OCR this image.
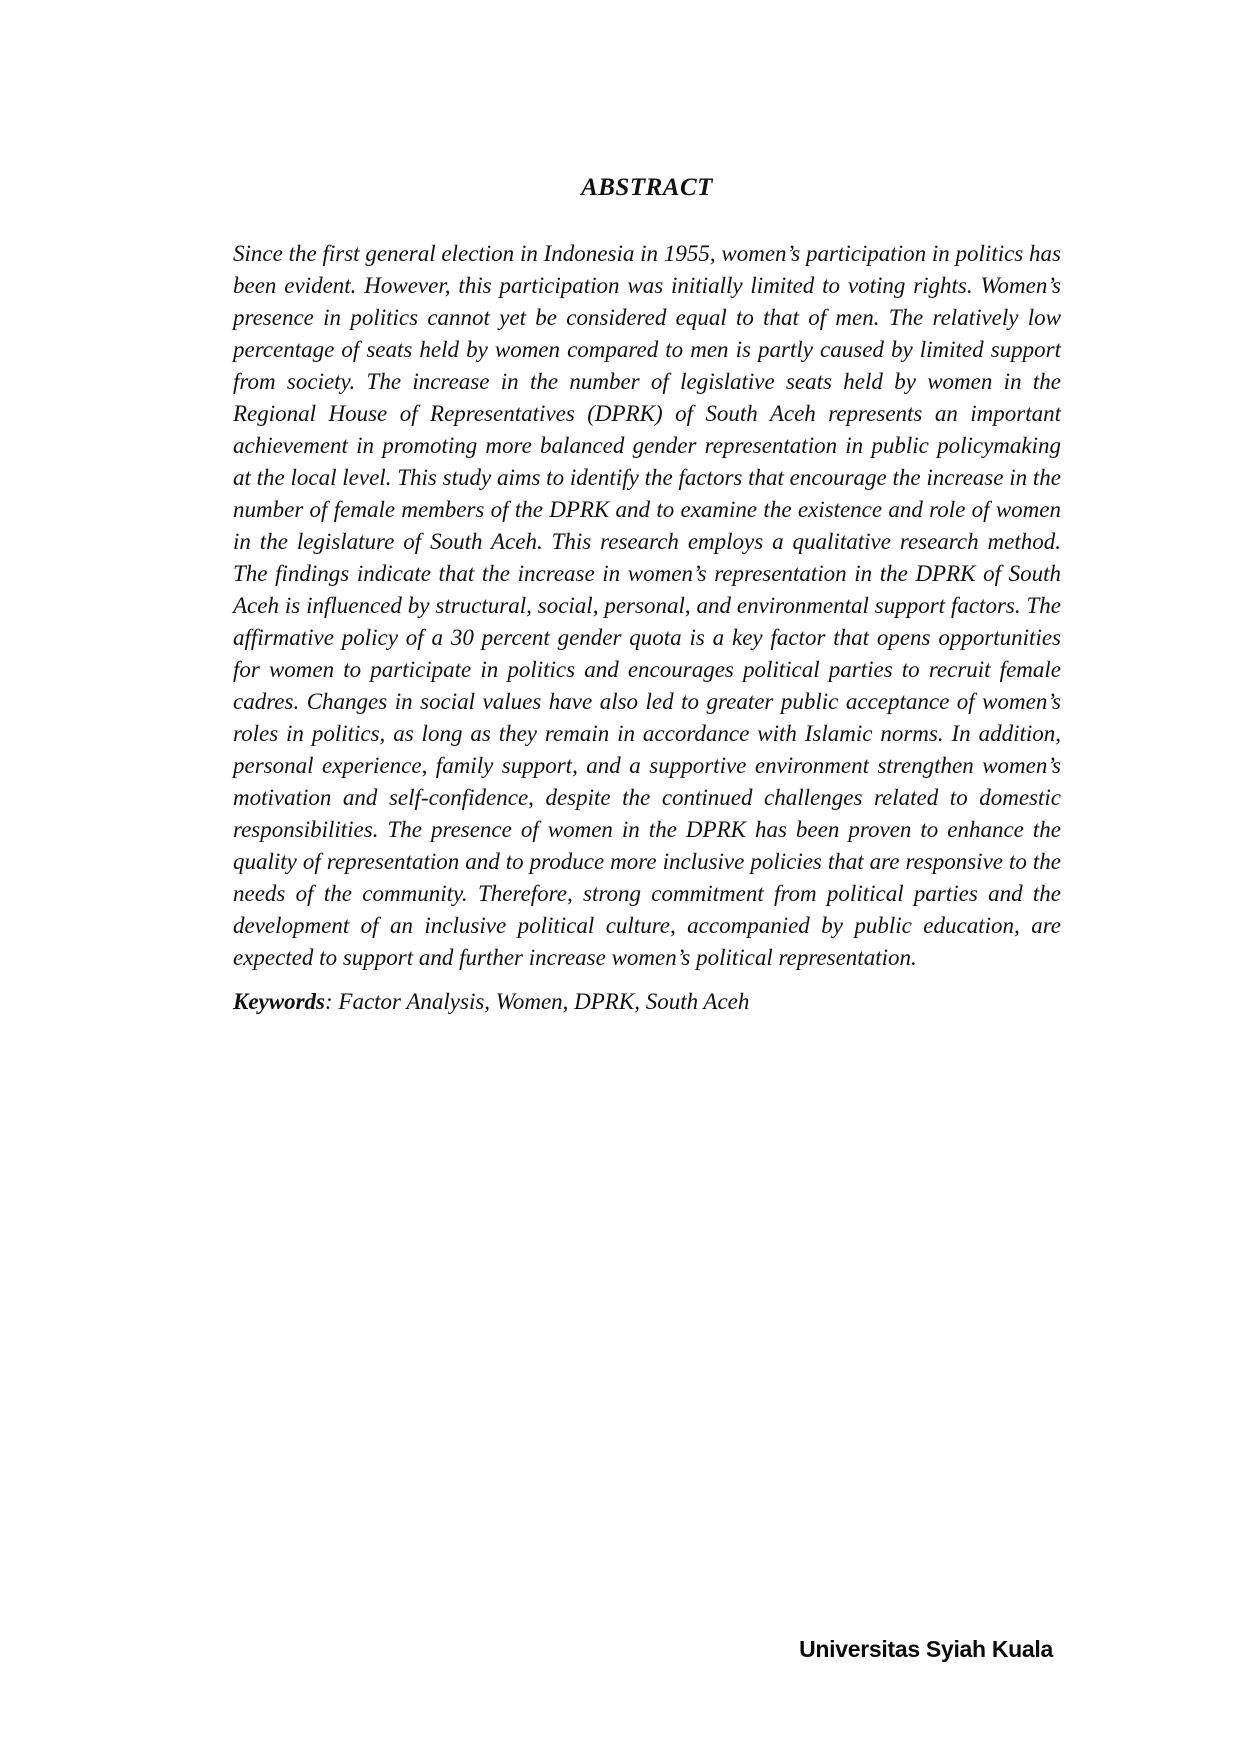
ABSTRACT

Since the first general election in Indonesia in 1955, women’s participation in politics has been evident. However, this participation was initially limited to voting rights. Women’s presence in politics cannot yet be considered equal to that of men. The relatively low percentage of seats held by women compared to men is partly caused by limited support from society. The increase in the number of legislative seats held by women in the Regional House of Representatives (DPRK) of South Aceh represents an important achievement in promoting more balanced gender representation in public policymaking at the local level. This study aims to identify the factors that encourage the increase in the number of female members of the DPRK and to examine the existence and role of women in the legislature of South Aceh. This research employs a qualitative research method. The findings indicate that the increase in women’s representation in the DPRK of South Aceh is influenced by structural, social, personal, and environmental support factors. The affirmative policy of a 30 percent gender quota is a key factor that opens opportunities for women to participate in politics and encourages political parties to recruit female cadres. Changes in social values have also led to greater public acceptance of women’s roles in politics, as long as they remain in accordance with Islamic norms. In addition, personal experience, family support, and a supportive environment strengthen women’s motivation and self-confidence, despite the continued challenges related to domestic responsibilities. The presence of women in the DPRK has been proven to enhance the quality of representation and to produce more inclusive policies that are responsive to the needs of the community. Therefore, strong commitment from political parties and the development of an inclusive political culture, accompanied by public education, are expected to support and further increase women’s political representation.

Keywords: Factor Analysis, Women, DPRK, South Aceh

Universitas Syiah Kuala
